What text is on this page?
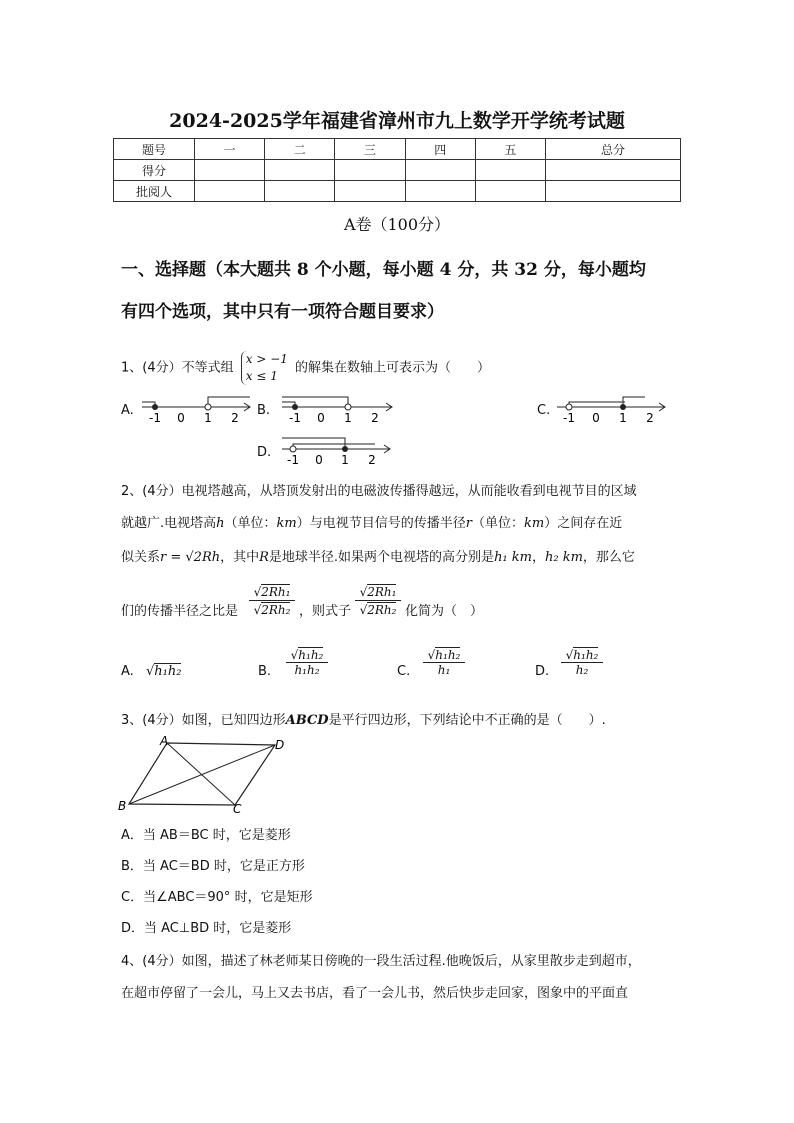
2024-2025学年福建省漳州市九上数学开学统考试题
题号	一	二	三	四	五	总分
得分						
批阅人						
A卷（100分）
一、选择题（本大题共 8 个小题，每小题 4 分，共 32 分，每小题均
有四个选项，其中只有一项符合题目要求）
1、(4分）不等式组
x > −1
x ≤ 1
的解集在数轴上可表示为（　　）
A. -1 0 1 2 B. -1 0 1 2	C. -1 0 1 2
D. -1 0 1 2
2、(4分）电视塔越高，从塔顶发射出的电磁波传播得越远，从而能收看到电视节目的区域
就越广.电视塔高h（单位：km）与电视节目信号的传播半径r（单位：km）之间存在近
似关系r = √2Rh，其中R是地球半径.如果两个电视塔的高分别是h₁ km，h₂ km，那么它
们的传播半径之比是
√2Rh₁
√2Rh₂ ，则式子
√2Rh₁
√2Rh₂ 化简为（　）
A. √h₁h₂	B.
√h₁h₂
h₁h₂	C.
√h₁h₂
h₁	D.
√h₁h₂
h₂
3、(4分）如图，已知四边形ABCD是平行四边形，下列结论中不正确的是（　　）.
A	D
B	C
A．当 AB＝BC 时，它是菱形
B．当 AC＝BD 时，它是正方形
C．当∠ABC＝90° 时，它是矩形
D．当 AC⊥BD 时，它是菱形
4、(4分）如图，描述了林老师某日傍晚的一段生活过程.他晚饭后，从家里散步走到超市，
在超市停留了一会儿，马上又去书店，看了一会儿书，然后快步走回家，图象中的平面直
